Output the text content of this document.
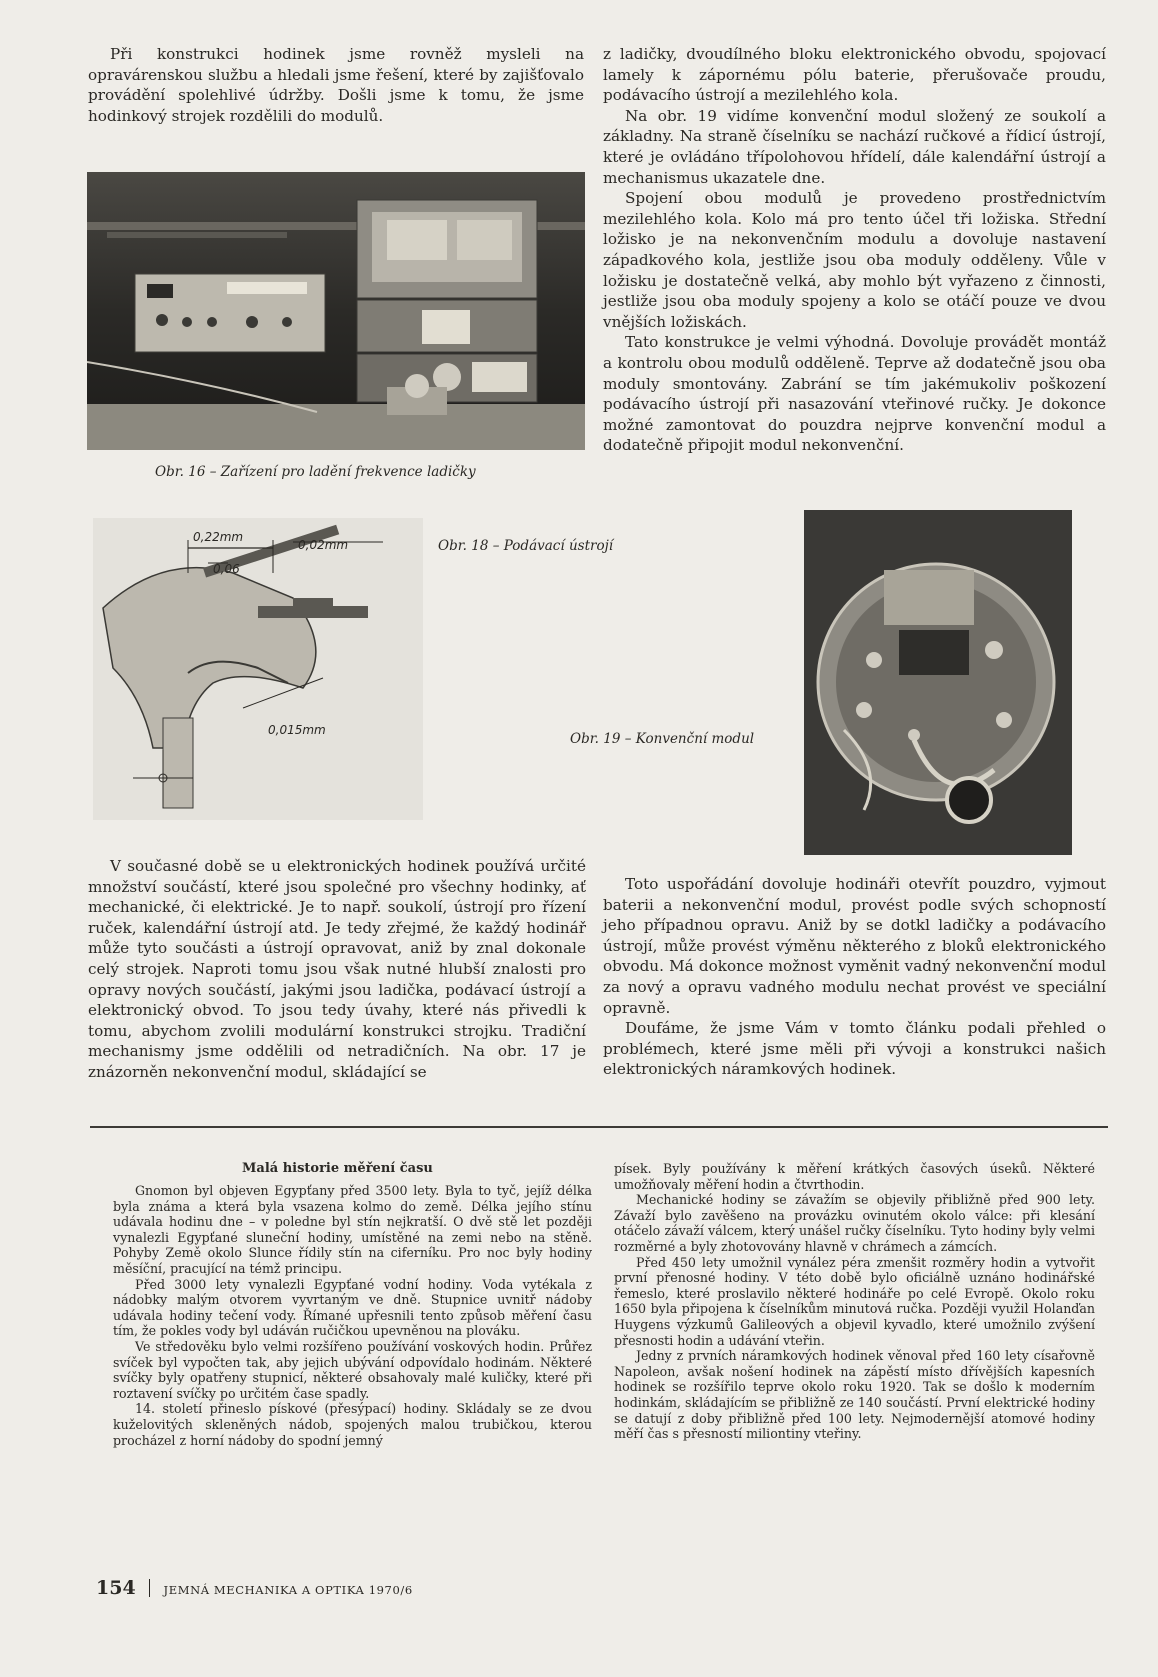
Při konstrukci hodinek jsme rovněž mysleli na opravárenskou službu a hledali jsme řešení, které by zajišťovalo provádění spolehlivé údržby. Došli jsme k tomu, že jsme hodinkový strojek rozdělili do modulů.

Obr. 16 – Zařízení pro ladění frekvence ladičky
0,22mm
0,02mm
0,06
0,015mm
Obr. 18 – Podávací ústrojí
Obr. 19 – Konvenční modul

z ladičky, dvoudílného bloku elektronického obvodu, spojovací lamely k zápornému pólu baterie, přerušovače proudu, podávacího ústrojí a mezilehlého kola.

Na obr. 19 vidíme konvenční modul složený ze soukolí a základny. Na straně číselníku se nachází ručkové a řídicí ústrojí, které je ovládáno třípolohovou hřídelí, dále kalendářní ústrojí a mechanismus ukazatele dne.

Spojení obou modulů je provedeno prostřednictvím mezilehlého kola. Kolo má pro tento účel tři ložiska. Střední ložisko je na nekonvenčním modulu a dovoluje nastavení západkového kola, jestliže jsou oba moduly odděleny. Vůle v ložisku je dostatečně velká, aby mohlo být vyřazeno z činnosti, jestliže jsou oba moduly spojeny a kolo se otáčí pouze ve dvou vnějších ložiskách.

Tato konstrukce je velmi výhodná. Dovoluje provádět montáž a kontrolu obou modulů odděleně. Teprve až dodatečně jsou oba moduly smontovány. Zabrání se tím jakémukoliv poškození podávacího ústrojí při nasazování vteřinové ručky. Je dokonce možné zamontovat do pouzdra nejprve konvenční modul a dodatečně připojit modul nekonvenční.

V současné době se u elektronických hodinek používá určité množství součástí, které jsou společné pro všechny hodinky, ať mechanické, či elektrické. Je to např. soukolí, ústrojí pro řízení ruček, kalendářní ústrojí atd. Je tedy zřejmé, že každý hodinář může tyto součásti a ústrojí opravovat, aniž by znal dokonale celý strojek. Naproti tomu jsou však nutné hlubší znalosti pro opravy nových součástí, jakými jsou ladička, podávací ústrojí a elektronický obvod. To jsou tedy úvahy, které nás přivedli k tomu, abychom zvolili modulární konstrukci strojku. Tradiční mechanismy jsme oddělili od netradičních. Na obr. 17 je znázorněn nekonvenční modul, skládající se

Toto uspořádání dovoluje hodináři otevřít pouzdro, vyjmout baterii a nekonvenční modul, provést podle svých schopností jeho případnou opravu. Aniž by se dotkl ladičky a podávacího ústrojí, může provést výměnu některého z bloků elektronického obvodu. Má dokonce možnost vyměnit vadný nekonvenční modul za nový a opravu vadného modulu nechat provést ve speciální opravně.

Doufáme, že jsme Vám v tomto článku podali přehled o problémech, které jsme měli při vývoji a konstrukci našich elektronických náramkových hodinek.

Malá historie měření času

Gnomon byl objeven Egypťany před 3500 lety. Byla to tyč, jejíž délka byla známa a která byla vsazena kolmo do země. Délka jejího stínu udávala hodinu dne – v poledne byl stín nejkratší. O dvě stě let později vynalezli Egypťané sluneční hodiny, umístěné na zemi nebo na stěně. Pohyby Země okolo Slunce řídily stín na ciferníku. Pro noc byly hodiny měsíční, pracující na témž principu.

Před 3000 lety vynalezli Egypťané vodní hodiny. Voda vytékala z nádobky malým otvorem vyvrtaným ve dně. Stupnice uvnitř nádoby udávala hodiny tečení vody. Římané upřesnili tento způsob měření času tím, že pokles vody byl udáván ručičkou upevněnou na plováku.

Ve středověku bylo velmi rozšířeno používání voskových hodin. Průřez svíček byl vypočten tak, aby jejich ubývání odpovídalo hodinám. Některé svíčky byly opatřeny stupnicí, některé obsahovaly malé kuličky, které při roztavení svíčky po určitém čase spadly.

14. století přineslo pískové (přesýpací) hodiny. Skládaly se ze dvou kuželovitých skleněných nádob, spojených malou trubičkou, kterou procházel z horní nádoby do spodní jemný

písek. Byly používány k měření krátkých časových úseků. Některé umožňovaly měření hodin a čtvrthodin.

Mechanické hodiny se závažím se objevily přibližně před 900 lety. Závaží bylo zavěšeno na provázku ovinutém okolo válce: při klesání otáčelo závaží válcem, který unášel ručky číselníku. Tyto hodiny byly velmi rozměrné a byly zhotovovány hlavně v chrámech a zámcích.

Před 450 lety umožnil vynález péra zmenšit rozměry hodin a vytvořit první přenosné hodiny. V této době bylo oficiálně uznáno hodinářské řemeslo, které proslavilo některé hodináře po celé Evropě. Okolo roku 1650 byla připojena k číselníkům minutová ručka. Později využil Holanďan Huygens výzkumů Galileových a objevil kyvadlo, které umožnilo zvýšení přesnosti hodin a udávání vteřin.

Jedny z prvních náramkových hodinek věnoval před 160 lety císařovně Napoleon, avšak nošení hodinek na zápěstí místo dřívějších kapesních hodinek se rozšířilo teprve okolo roku 1920. Tak se došlo k moderním hodinkám, skládajícím se přibližně ze 140 součástí. První elektrické hodiny se datují z doby přibližně před 100 lety. Nejmodernější atomové hodiny měří čas s přesností miliontiny vteřiny.

154 JEMNÁ MECHANIKA A OPTIKA 1970/6
